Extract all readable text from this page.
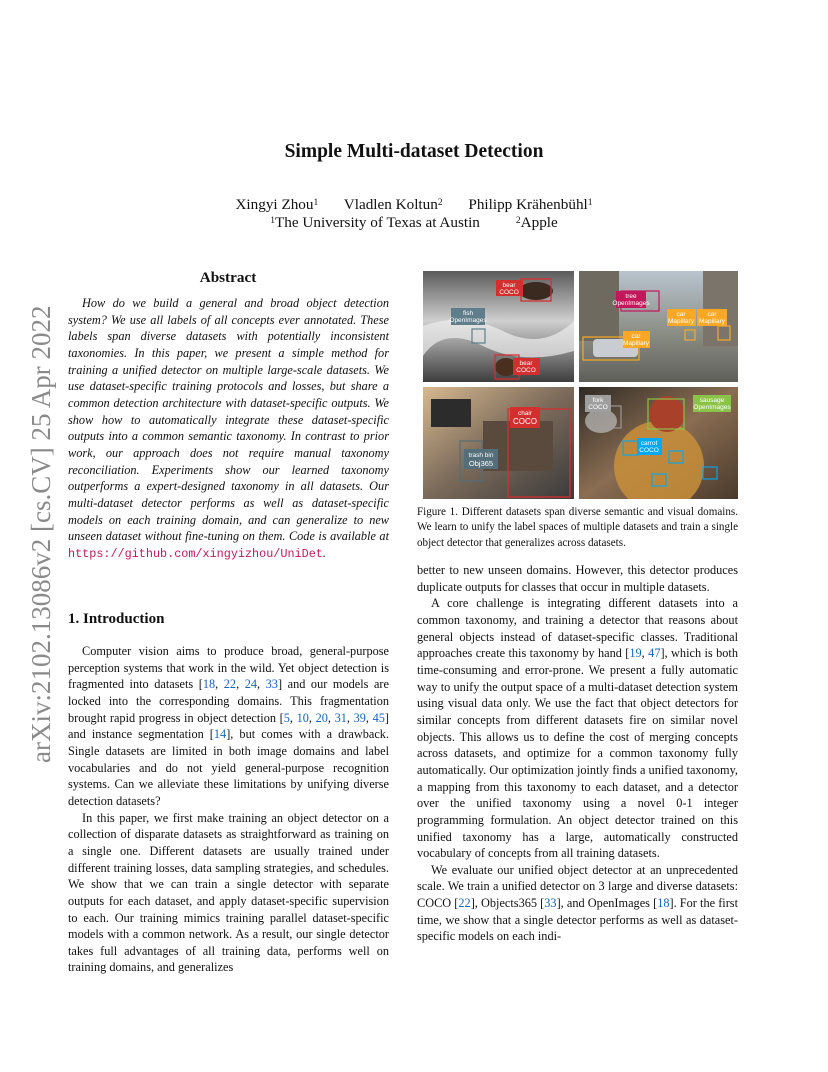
arXiv:2102.13086v2 [cs.CV] 25 Apr 2022
Simple Multi-dataset Detection
Xingyi Zhou$^1$ Vladlen Koltun$^2$ Philipp Krähenbühl$^1$
$^1$The University of Texas at Austin	$^2$Apple
Abstract
How do we build a general and broad object detection system? We use all labels of all concepts ever annotated. These labels span diverse datasets with potentially inconsistent taxonomies. In this paper, we present a simple method for training a unified detector on multiple large-scale datasets. We use dataset-specific training protocols and losses, but share a common detection architecture with dataset-specific outputs. We show how to automatically integrate these dataset-specific outputs into a common semantic taxonomy. In contrast to prior work, our approach does not require manual taxonomy reconciliation. Experiments show our learned taxonomy outperforms a expert-designed taxonomy in all datasets. Our multi-dataset detector performs as well as dataset-specific models on each training domain, and can generalize to new unseen dataset without fine-tuning on them. Code is available at https://github.com/xingyizhou/UniDet.
1. Introduction

Computer vision aims to produce broad, general-purpose perception systems that work in the wild. Yet object detection is fragmented into datasets [18, 22, 24, 33] and our models are locked into the corresponding domains. This fragmentation brought rapid progress in object detection [5, 10, 20, 31, 39, 45] and instance segmentation [14], but comes with a drawback. Single datasets are limited in both image domains and label vocabularies and do not yield general-purpose recognition systems. Can we alleviate these limitations by unifying diverse detection datasets?

In this paper, we first make training an object detector on a collection of disparate datasets as straightforward as training on a single one. Different datasets are usually trained under different training losses, data sampling strategies, and schedules. We show that we can train a single detector with separate outputs for each dataset, and apply dataset-specific supervision to each. Our training mimics training parallel dataset-specific models with a common network. As a result, our single detector takes full advantages of all training data, performs well on training domains, and generalizes

bear
COCO
fish
OpenImages
bear
COCO
tree
OpenImages
car
Mapillary
car
Mapillary
car
Mapillary
chair
COCO
trash bin
Obj365
fork
COCO
sausage
OpenImages
carrot
COCO
Figure 1. Different datasets span diverse semantic and visual domains. We learn to unify the label spaces of multiple datasets and train a single object detector that generalizes across datasets.

better to new unseen domains. However, this detector produces duplicate outputs for classes that occur in multiple datasets.

A core challenge is integrating different datasets into a common taxonomy, and training a detector that reasons about general objects instead of dataset-specific classes. Traditional approaches create this taxonomy by hand [19, 47], which is both time-consuming and error-prone. We present a fully automatic way to unify the output space of a multi-dataset detection system using visual data only. We use the fact that object detectors for similar concepts from different datasets fire on similar novel objects. This allows us to define the cost of merging concepts across datasets, and optimize for a common taxonomy fully automatically. Our optimization jointly finds a unified taxonomy, a mapping from this taxonomy to each dataset, and a detector over the unified taxonomy using a novel 0-1 integer programming formulation. An object detector trained on this unified taxonomy has a large, automatically constructed vocabulary of concepts from all training datasets.

We evaluate our unified object detector at an unprecedented scale. We train a unified detector on 3 large and diverse datasets: COCO [22], Objects365 [33], and OpenImages [18]. For the first time, we show that a single detector performs as well as dataset-specific models on each indi-
